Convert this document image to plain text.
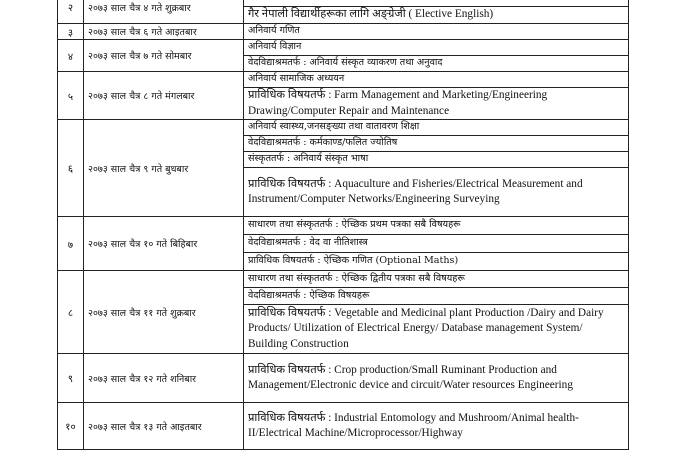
२	२०७३ साल चैत्र ४ गते शुक्रबार	
		गैर नेपाली विद्यार्थीहरूका लागि अङ्ग्रेजी ( Elective English)
३	२०७३ साल चैत्र ६ गते आइतबार	अनिवार्य गणित
४	२०७३ साल चैत्र ७ गते सोमबार	अनिवार्य विज्ञान
		वेदविद्याश्रमतर्फ : अनिवार्य संस्कृत व्याकरण तथा अनुवाद
५	२०७३ साल चैत्र ८ गते मंगलबार	अनिवार्य सामाजिक अध्ययन
		प्राविधिक विषयतर्फ : Farm Management and Marketing/Engineering Drawing/Computer Repair and Maintenance
६	२०७३ साल चैत्र ९ गते बुधबार	अनिवार्य स्वास्थ्य,जनसङ्ख्या तथा वातावरण शिक्षा
		वेदविद्याश्रमतर्फ : कर्मकाण्ड/फलित ज्योतिष
		संस्कृततर्फ : अनिवार्य संस्कृत भाषा
		प्राविधिक विषयतर्फ : Aquaculture and Fisheries/Electrical Measurement and Instrument/Computer Networks/Engineering Surveying
७	२०७३ साल चैत्र १० गते बिहिबार	साधारण तथा संस्कृततर्फ : ऐच्छिक प्रथम पत्रका सबै विषयहरू
		वेदविद्याश्रमतर्फ : वेद वा नीतिशास्त्र
		प्राविधिक विषयतर्फ : ऐच्छिक गणित (Optional Maths)
८	२०७३ साल चैत्र ११ गते शुक्रबार	साधारण तथा संस्कृततर्फ : ऐच्छिक द्वितीय पत्रका सबै विषयहरू
		वेदविद्याश्रमतर्फ : ऐच्छिक विषयहरू
		प्राविधिक विषयतर्फ : Vegetable and Medicinal plant Production /Dairy and Dairy Products/ Utilization of Electrical Energy/ Database management System/ Building Construction
९	२०७३ साल चैत्र १२ गते शनिबार	प्राविधिक विषयतर्फ : Crop production/Small Ruminant Production and Management/Electronic device and circuit/Water resources Engineering
१०	२०७३ साल चैत्र १३ गते आइतबार	प्राविधिक विषयतर्फ : Industrial Entomology and Mushroom/Animal health-II/Electrical Machine/Microprocessor/Highway
